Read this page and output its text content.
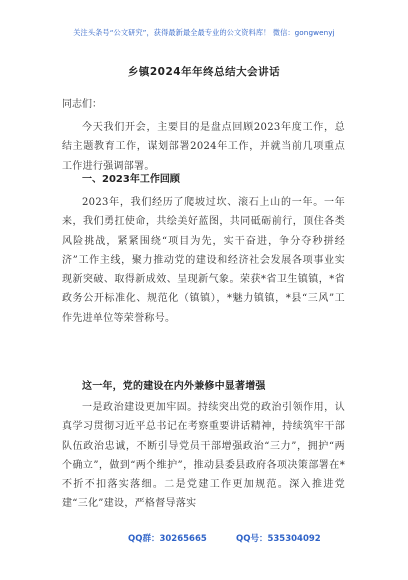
关注头条号“公文研究”，获得最新最全最专业的公文资料库！ 微信：gongwenyj
乡镇2024年年终总结大会讲话
同志们：
今天我们开会，主要目的是盘点回顾2023年度工作，总结主题教育工作，谋划部署2024年工作，并就当前几项重点工作进行强调部署。
一、2023年工作回顾
2023年，我们经历了爬坡过坎、滚石上山的一年。一年来，我们勇扛使命，共绘美好蓝图，共同砥砺前行，顶住各类风险挑战，紧紧围绕“项目为先，实干奋进，争分夺秒拼经济”工作主线，聚力推动党的建设和经济社会发展各项事业实现新突破、取得新成效、呈现新气象。荣获*省卫生镇镇，*省政务公开标准化、规范化（镇镇），*魅力镇镇，*县“三风”工作先进单位等荣誉称号。
这一年，党的建设在内外兼修中显著增强
一是政治建设更加牢固。持续突出党的政治引领作用，认真学习贯彻习近平总书记在考察重要讲话精神，持续筑牢干部队伍政治忠诚，不断引导党员干部增强政治“三力”，拥护“两个确立”，做到“两个维护”，推动县委县政府各项决策部署在*不折不扣落实落细。二是党建工作更加规范。深入推进党建“三化”建设，严格督导落实
QQ群：30265665	QQ号：535304092
